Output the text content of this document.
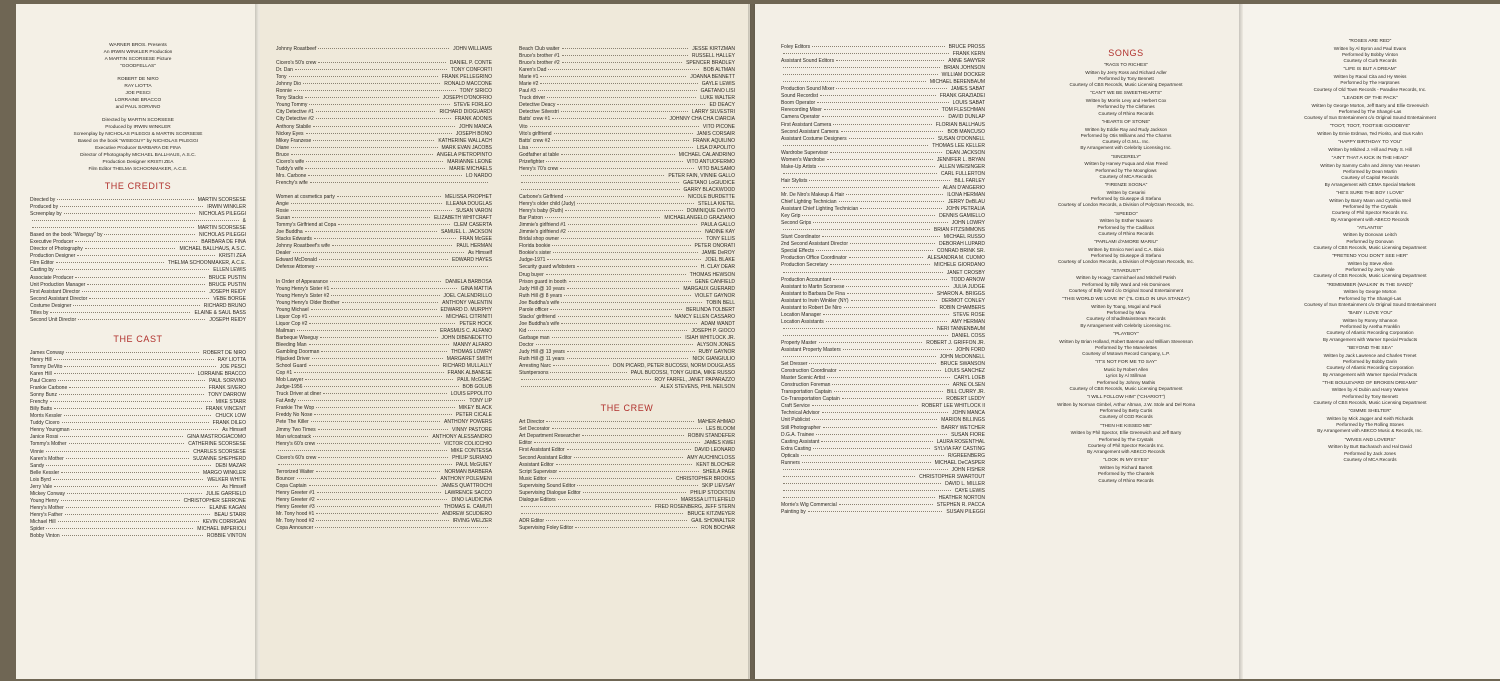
WARNER BROS. Presents
An IRWIN WINKLER Production
A MARTIN SCORSESE Picture
"GOODFELLAS"
ROBERT DE NIRO
RAY LIOTTA
JOE PESCI
LORRAINE BRACCO
and PAUL SORVINO
Directed by MARTIN SCORSESE
Produced by IRWIN WINKLER
Screenplay by NICHOLAS PILEGGI & MARTIN SCORSESE
Based on the book "WISEGUY" by NICHOLAS PILEGGI
Executive Producer BARBARA DE FINA
Director of Photography MICHAEL BALLHAUS, A.S.C.
Production Designer KRISTI ZEA
Film Editor THELMA SCHOONMAKER, A.C.E.
THE CREDITS
Directed by	MARTIN SCORSESE
Produced by	IRWIN WINKLER
Screenplay by	NICHOLAS PILEGGI
&
MARTIN SCORSESE
Based on the book "Wiseguy" by	NICHOLAS PILEGGI
Executive Producer	BARBARA DE FINA
Director of Photography	MICHAEL BALLHAUS, A.S.C.
Production Designer	KRISTI ZEA
Film Editor	THELMA SCHOONMAKER, A.C.E.
Casting by	ELLEN LEWIS
Associate Producer	BRUCE PUSTIN
Unit Production Manager	BRUCE PUSTIN
First Assistant Director	JOSEPH REIDY
Second Assistant Director	VEBE BORGE
Costume Designer	RICHARD BRUNO
Titles by	ELAINE & SAUL BASS
Second Unit Director	JOSEPH REIDY
THE CAST
James Conway	ROBERT DE NIRO
Henry Hill	RAY LIOTTA
Tommy DeVito	JOE PESCI
Karen Hill	LORRAINE BRACCO
Paul Cicero	PAUL SORVINO
Frankie Carbone	FRANK SIVERO
Sonny Bunz	TONY DARROW
Frenchy	MIKE STARR
Billy Batts	FRANK VINCENT
Morris Kessler	CHUCK LOW
Tuddy Cicero	FRANK DILEO
Henny Youngman	As Himself
Janice Rossi	GINA MASTROGIACOMO
Tommy's Mother	CATHERINE SCORSESE
Vinnie	CHARLES SCORSESE
Karen's Mother	SUZANNE SHEPHERD
Sandy	DEBI MAZAR
Belle Kessler	MARGO WINKLER
Lois Byrd	WELKER WHITE
Jerry Vale	As Himself
Mickey Conway	JULIE GARFIELD
Young Henry	CHRISTOPHER SERRONE
Henry's Mother	ELAINE KAGAN
Henry's Father	BEAU STARR
Michael Hill	KEVIN CORRIGAN
Spider	MICHAEL IMPERIOLI
Bobby Vinton	ROBBIE VINTON
Johnny Roastbeef	JOHN WILLIAMS
Cicero's 50's crew	DANIEL P. CONTE
Dr. Dan	TONY CONFORTI
Tony	FRANK PELLEGRINO
Johnny Dio	RONALD MACCONE
Ronnie	TONY SIRICO
Tony Stacks	JOSEPH D'ONOFRIO
Young Tommy	STEVE FORLEO
City Detective #1	RICHARD DIOGUARDI
City Detective #2	FRANK ADONIS
Anthony Stabile	JOHN MANCA
Nickey Eyes	JOSEPH BONO
Mikey Franzese	KATHERINE WALLACH
Diane	MARK EVAN JACOBS
Bruce	ANGELA PIETROPINTO
Cicero's wife	MARIANNE LEONE
Tuddy's wife	MARIE MICHAELS
Mrs. Carbone	LO NARDO
Frenchy's wife
Women at cosmetics party	MELISSA PROPHET
Angie	ILLEANA DOUGLAS
Rosie	SUSAN VARON
Susan	ELIZABETH WHITCRAFT
Tommy's Girlfriend at Copa	CLEM CASERTA
Joe Buddha	SAMUEL L. JACKSON
Stacks Edwards	FRAN McGEE
Johnny Roastbeef's wife	PAUL HERMAN
Dealer	As Himself
Edward McDonald	EDWARD HAYES
Defense Attorney
In Order of Appearance	DANIELA BARBOSA
Young Henry's Sister #1	GINA MATTIA
Young Henry's Sister #2	JOEL CALENDRILLO
Young Henry's Older Brother	ANTHONY VALENTIN
Young Michael	EDWARD D. MURPHY
Liquor Cop #1	MICHAEL CITRINITI
Liquor Cop #2	PETER HOCK
Mailman	ERASMUS C. ALFANO
Barbeque Wiseguy	JOHN DIBENEDETTO
Bleeding Man	MANNY ALFARO
Gambling Doorman	THOMAS LOWRY
Hijacked Driver	MARGARET SMITH
School Guard	RICHARD MULLALLY
Cop #1	FRANK ALBANESE
Mob Lawyer	PAUL McGSAC
Judge-1956	BOB GOLUB
Truck Driver at diner	LOUIS EPPOLITO
Fat Andy	TONY LIP
Frankie The Wop	MIKEY BLACK
Freddy No Nose	PETER CICALE
Pete The Killer	ANTHONY POWERS
Jimmy Two Times	VINNY PASTORE
Man w/coatrack	ANTHONY ALESSANDRO
Henry's 60's crew	VICTOR COLICCHIO
MIKE CONTESSA
Cicero's 60's crew	PHILIP SURIANO
PAUL McGUIEY
Terrorized Waiter	NORMAN BARBERA
Bouncer	ANTHONY POLEMENI
Copa Captain	JAMES QUATTROCHI
Henry Greeter #1	LAWRENCE SACCO
Henry Greeter #2	DINO LAUDICINA
Henry Greeter #3	THOMAS E. CAMUTI
Mr. Tony hood #1	ANDREW SCUDIERO
Mr. Tony hood #2	IRVING WELZER
Copa Announcer
Beach Club waiter	JESSE KIRTZMAN
Bruce's brother #1	RUSSELL HALLEY
Bruce's brother #2	SPENCER BRADLEY
Karen's Dad	BOB ALTMAN
Marie #1	JOANNA BENNETT
Marie #2	GAYLE LEWIS
Paul #3	GAETANO LISI
Truck driver	LUKE WALTER
Detective Deacy	ED DEACY
Detective Silvestri	LARRY SILVESTRI
Batts' crew #1	JOHNNY CHA CHA CIARCIA
Vito	VITO PICONE
Vito's girlfriend	JANIS CORSAIR
Batts' crew #2	FRANK AQUILINO
Lisa	LISA D'APOLITO
Godfather at table	MICHAEL CALANDRINO
Prizefighter	VITO ANTUOFERMO
Henry's 70's crew	VITO BALSAMO
PETER FAIN, VINNIE GALLO
GAETANO LoGIUDICE
GARRY BLACKWOOD
Carbone's Girlfriend	NICOLE BURDETTE
Henry's older child (Judy)	STELLA KIETEL
Henry's baby (Ruth)	DOMINIQUE DeVITO
Bar Patron	MICHAELANGELO GRAZIANO
Jimmie's girlfriend #1	PAULA GALLO
Jimmie's girlfriend #2	NADINE KAY
Bridal shop owner	TONY ELLIS
Florida bookie	PETER ONORATI
Bookie's sister	JAMIE DeROY
Judge-1971	JOEL BLAKE
Security guard w/lobsters	H. CLAY DEAR
Drug buyer	THOMAS HEWSON
Prison guard in booth	GENE CANFIELD
Judy Hill @ 10 years	MARGAUX GUERARD
Ruth Hill @ 8 years	VIOLET GAYNOR
Joe Buddha's wife	TOBIN BELL
Parole officer	BERLINDA TOLBERT
Stacks' girlfriend	NANCY ELLEN CASSARO
Joe Buddha's wife	ADAM WANDT
Kid	JOSEPH P. GIOCO
Garbage man	ISIAH WHITLOCK JR.
Doctor	ALYSON JONES
Judy Hill @ 13 years	RUBY GAYNOR
Ruth Hill @ 11 years	NICK GIANGIULIO
Arresting Narc	DON PICARD, PETER BUCOSSI, NORM DOUGLASS
Stuntpersons	PAUL BUCOSSI, TONY GUIDA, MIKE RUSSO
ROY FARFEL, JANET PAPARAZZO
ALEX STEVENS, PHIL NEILSON
THE CREW
Art Director	MAHER AHMAD
Set Decorator	LES BLOOM
Art Department Researcher	ROBIN STANDEFER
Editor	JAMES KWEI
First Assistant Editor	DAVID LEONARD
Second Assistant Editor	AMY AUCHINCLOSS
Assistant Editor	KENT BLOCHER
Script Supervisor	SHEILA PAGE
Music Editor	CHRISTOPHER BROOKS
Supervising Sound Editor	SKIP LIEVSAY
Supervising Dialogue Editor	PHILIP STOCKTON
Dialogue Editors	MARISSA LITTLEFIELD
FRED ROSENBERG, JEFF STERN
BRUCE KITZMEYER
ADR Editor	GAIL SHOWALTER
Supervising Foley Editor	RON BOCHAR
Foley Editors	BRUCE PROSS
FRANK KERN
Assistant Sound Editors	ANNE SAWYER
BRIAN JOHNSON
WILLIAM DOCKER
MICHAEL BERENBAUM
Production Sound Mixer	JAMES SABAT
Sound Recordist	FRANK GRAZIADEI
Boom Operator	LOUIS SABAT
Rerecording Mixer	TOM FLESCHMAN
Camera Operator	DAVID DUNLAP
First Assistant Camera	FLORIAN BALLHAUS
Second Assistant Camera	BOB MANCUSO
Assistant Costume Designers	SUSAN O'DONNELL
THOMAS LEE KELLER
Wardrobe Supervisor	DEAN JACKSON
Women's Wardrobe	JENNIFER L. BRYAN
Make-Up Artists	ALLEN WEISINGER
CARL FULLERTON
Hair Stylists	BILL FARLEY
ALAN D'ANGERIO
Mr. De Niro's Makeup & Hair	ILONA HERMAN
Chief Lighting Technician	JERRY DeBLAU
Assistant Chief Lighting Technician	JOHN PETRALIA
Key Grip	DENNIS GAMIELLO
Second Grips	JOHN LOWRY
BRIAN FITZSIMMONS
Stunt Coordinator	MICHAEL RUSSO
2nd Second Assistant Director	DEBORAH LUPARD
Special Effects	CONRAD BRINK SR.
Production Office Coordinator	ALESANDRA M. CUOMO
Production Secretary	MICHELE GIORDANO
JANET CROSBY
Production Accountant	TODD ARNOW
Assistant to Martin Scorsese	JULIA JUDGE
Assistant to Barbara De Fina	SHARON A. BRIGGS
Assistant to Irwin Winkler (NY)	DERMOT CONLEY
Assistant to Robert De Niro	ROBIN CHAMBERS
Location Manager	STEVE ROSE
Location Assistants	AMY HERMAN
NERI TANNENBAUM
DANIEL COSS
Property Master	ROBERT J. GRIFFON JR.
Assistant Property Masters	JOHN FORD
JOHN McDONNELL
Set Dresser	BRUCE SWANSON
Construction Coordinator	LOUIS SANCHEZ
Master Scenic Artist	CARYL LOEB
Construction Foreman	ARNE OLSEN
Transportation Captain	BILL CURRY JR.
Co-Transportation Captain	ROBERT LEDDY
Craft Service	ROBERT LEE WHITLOCK II
Technical Advisor	JOHN MANCA
Unit Publicist	MARION BILLINGS
Still Photographer	BARRY WETCHER
D.G.A. Trainee	SUSAN FIORE
Casting Assistant	LAURA ROSENTHAL
Extra Casting	SYLVIA FAY CASTING
Opticals	R/GREENBERG
Runners	MICHAEL DeCASPER
JOHN FISHER
CHRISTOPHER SWARTOUT
DAVID L. MILLER
CAYE LEWIS
HEATHER NORTON
Morrie's Wig Commercial	STEPHEN R. PACCA
Painting by	SUSAN PILEGGI
SONGS
"RAGS TO RICHES"
Written by Jerry Ross and Richard Adler
Performed by Tony Bennett
Courtesy of CBS Records, Music Licensing Department
"CAN'T WE BE SWEETHEARTS"
Written by Morris Levy and Herbert Cox
Performed by The Cleftones
Courtesy of Rhino Records
"HEARTS OF STONE"
Written by Eddie Ray and Rudy Jackson
Performed by Otis Williams and The Charms
Courtesy of G.M.L. Inc.
By Arrangement with Celebrity Licensing Inc.
"SINCERELY"
Written by Harvey Fuqua and Alan Freed
Performed by The Moonglows
Courtesy of MCA Records
"FIRENZE SOGNA"
Written by Cesarini
Performed by Giuseppe di Stefano
Courtesy of London Records, a Division of PolyGram Records, Inc.
"SPEEDO"
Written by Esther Navarro
Performed by The Cadillacs
Courtesy of Rhino Records
"PARLAMI d'AMORE MARIU"
Written by Ennico Neri and C.A. Bixio
Performed by Giuseppe di Stefano
Courtesy of London Records, a Division of PolyGram Records, Inc.
"STARDUST"
Written by Hoagy Carmichael and Mitchell Parish
Performed by Billy Ward and His Dominoes
Courtesy of Billy Ward c/o Original Sound Entertainment
"THIS WORLD WE LOVE IN" ("IL CIELO IN UNA STANZA")
Written by Toang, Mogal and Paoli
Performed by Mina
Courtesy of Shad/Mainstream Records
By Arrangement with Celebrity Licensing Inc.
"PLAYBOY"
Written by Brian Holland, Robert Bateman and William Stevenson
Performed by The Marvelettes
Courtesy of Motown Record Company, L.P.
"IT'S NOT FOR ME TO SAY"
Music by Robert Allen
Lyrics by Al Stillman
Performed by Johnny Mathis
Courtesy of CBS Records, Music Licensing Department
"I WILL FOLLOW HIM" ("CHARIOT")
Written by Norman Gimbel, Arthur Altman, J.W. Stole and Del Roma
Performed by Betty Curtis
Courtesy of CGD Records
"THEN HE KISSED ME"
Written by Phil Spector, Ellie Greenwich and Jeff Barry
Performed by The Crystals
Courtesy of Phil Spector Records Inc.
By Arrangement with ABKCO Records
"LOOK IN MY EYES"
Written by Richard Barrett
Performed by The Chantels
Courtesy of Rhino Records
"ROSES ARE RED"
Written by Al Byron and Paul Evans
Performed by Bobby Vinton
Courtesy of Curb Records
"LIFE IS BUT A DREAM"
Written by Raoul Cita and Hy Weiss
Performed by The Harptones
Courtesy of Old Town Records - Paradise Records, Inc.
"LEADER OF THE PACK"
Written by George Morton, Jeff Barry and Ellie Greenwich
Performed by The Shangri-Las
Courtesy of Sun Entertainment c/o Original Sound Entertainment
"TOOT, TOOT, TOOTSIE GOODBYE"
Written by Ernie Erdman, Ted Fiorito, and Gus Kahn
"HAPPY BIRTHDAY TO YOU"
Written by Mildred J. Hill and Patty S. Hill
"AIN'T THAT A KICK IN THE HEAD"
Written by Sammy Cahn and Jimmy Van Heusen
Performed by Dean Martin
Courtesy of Capitol Records
By Arrangement with CEMA Special Markets
"HE'S SURE THE BOY I LOVE"
Written by Barry Mann and Cynthia Weil
Performed by The Crystals
Courtesy of Phil Spector Records Inc.
By Arrangement with ABKCO Records
"ATLANTIS"
Written by Donovan Leitch
Performed by Donovan
Courtesy of CBS Records, Music Licensing Department
"PRETEND YOU DON'T SEE HER"
Written by Steve Allen
Performed by Jerry Vale
Courtesy of CBS Records, Music Licensing Department
"REMEMBER (WALKIN' IN THE SAND)"
Written by George Morton
Performed by The Shangri-Las
Courtesy of Sun Entertainment c/o Original Sound Entertainment
"BABY I LOVE YOU"
Written by Ronny Shannon
Performed by Aretha Franklin
Courtesy of Atlantic Recording Corporation
By Arrangement with Warner Special Products
"BEYOND THE SEA"
Written by Jack Lawrence and Charles Trenet
Performed by Bobby Darin
Courtesy of Atlantic Recording Corporation
By Arrangement with Warner Special Products
"THE BOULEVARD OF BROKEN DREAMS"
Written by Al Dubin and Harry Warren
Performed by Tony Bennett
Courtesy of CBS Records, Music Licensing Department
"GIMME SHELTER"
Written by Mick Jagger and Keith Richards
Performed by The Rolling Stones
By Arrangement with ABKCO Music & Records, Inc.
"WIVES AND LOVERS"
Written by Burt Bacharach and Hal David
Performed by Jack Jones
Courtesy of MCA Records
